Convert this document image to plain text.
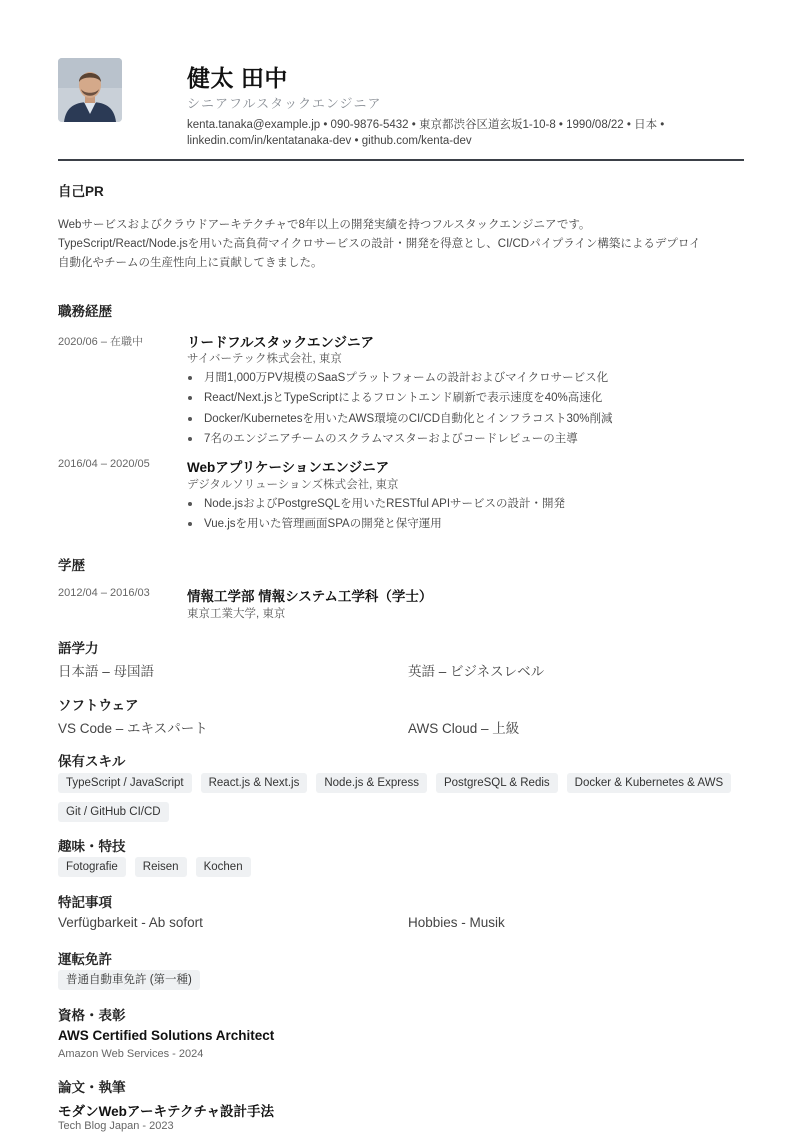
健太 田中
シニアフルスタックエンジニア
kenta.tanaka@example.jp • 090-9876-5432 • 東京都渋谷区道玄坂1-10-8 • 1990/08/22 • 日本 •
linkedin.com/in/kentatanaka-dev • github.com/kenta-dev
自己PR
Webサービスおよびクラウドアーキテクチャで8年以上の開発実績を持つフルスタックエンジニアです。
TypeScript/React/Node.jsを用いた高負荷マイクロサービスの設計・開発を得意とし、CI/CDパイプライン構築によるデプロイ
自動化やチームの生産性向上に貢献してきました。
職務経歴
2020/06 – 在職中	リードフルスタックエンジニア
サイバーテック株式会社, 東京
月間1,000万PV規模のSaaSプラットフォームの設計およびマイクロサービス化
React/Next.jsとTypeScriptによるフロントエンド刷新で表示速度を40%高速化
Docker/Kubernetesを用いたAWS環境のCI/CD自動化とインフラコスト30%削減
7名のエンジニアチームのスクラムマスターおよびコードレビューの主導
2016/04 – 2020/05	Webアプリケーションエンジニア
デジタルソリューションズ株式会社, 東京
Node.jsおよびPostgreSQLを用いたRESTful APIサービスの設計・開発
Vue.jsを用いた管理画面SPAの開発と保守運用
学歴
2012/04 – 2016/03	情報工学部 情報システム工学科（学士）
東京工業大学, 東京
語学力
日本語 – 母国語	英語 – ビジネスレベル
ソフトウェア
VS Code – エキスパート	AWS Cloud – 上級
保有スキル
TypeScript / JavaScript	React.js & Next.js	Node.js & Express	PostgreSQL & Redis	Docker & Kubernetes & AWS
Git / GitHub CI/CD
趣味・特技
Fotografie	Reisen	Kochen
特記事項
Verfügbarkeit - Ab sofort	Hobbies - Musik
運転免許
普通自動車免許 (第一種)
資格・表彰
AWS Certified Solutions Architect
Amazon Web Services - 2024
論文・執筆
モダンWebアーキテクチャ設計手法
Tech Blog Japan - 2023
